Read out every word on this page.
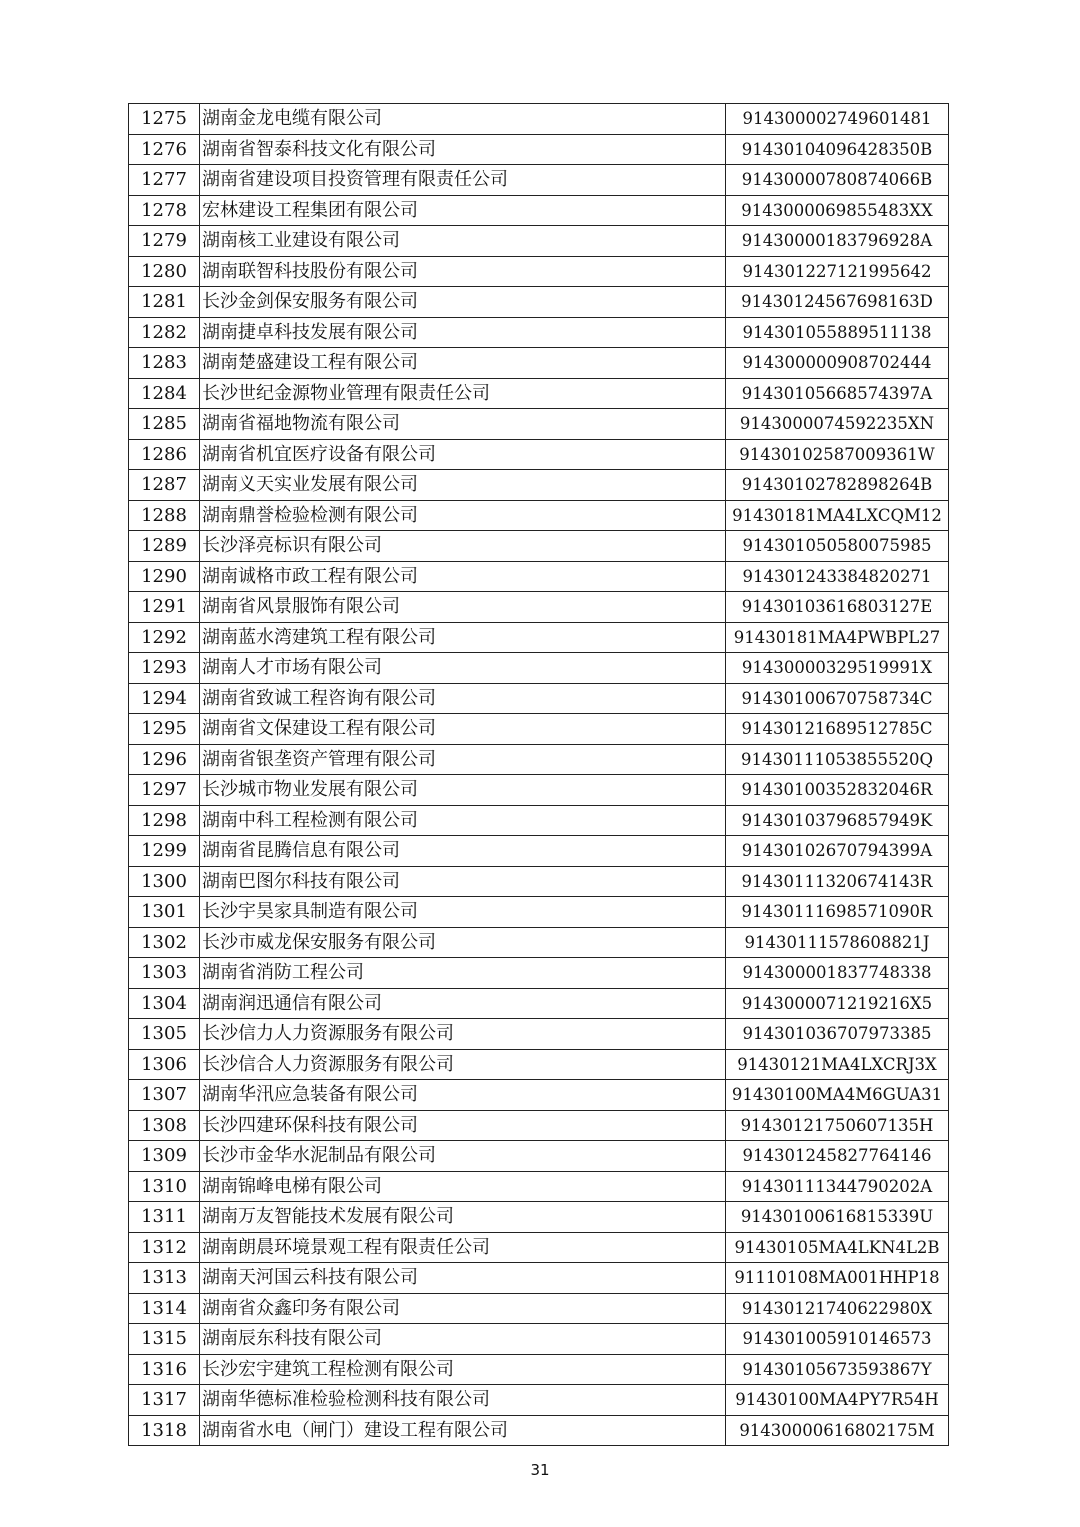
1275	湖南金龙电缆有限公司	914300002749601481
1276	湖南省智泰科技文化有限公司	91430104096428350B
1277	湖南省建设项目投资管理有限责任公司	91430000780874066B
1278	宏林建设工程集团有限公司	9143000069855483XX
1279	湖南核工业建设有限公司	91430000183796928A
1280	湖南联智科技股份有限公司	914301227121995642
1281	长沙金剑保安服务有限公司	91430124567698163D
1282	湖南捷卓科技发展有限公司	914301055889511138
1283	湖南楚盛建设工程有限公司	914300000908702444
1284	长沙世纪金源物业管理有限责任公司	91430105668574397A
1285	湖南省福地物流有限公司	9143000074592235XN
1286	湖南省机宜医疗设备有限公司	91430102587009361W
1287	湖南义天实业发展有限公司	91430102782898264B
1288	湖南鼎誉检验检测有限公司	91430181MA4LXCQM12
1289	长沙泽亮标识有限公司	914301050580075985
1290	湖南诚格市政工程有限公司	914301243384820271
1291	湖南省风景服饰有限公司	91430103616803127E
1292	湖南蓝水湾建筑工程有限公司	91430181MA4PWBPL27
1293	湖南人才市场有限公司	91430000329519991X
1294	湖南省致诚工程咨询有限公司	91430100670758734C
1295	湖南省文保建设工程有限公司	91430121689512785C
1296	湖南省银垄资产管理有限公司	91430111053855520Q
1297	长沙城市物业发展有限公司	91430100352832046R
1298	湖南中科工程检测有限公司	91430103796857949K
1299	湖南省昆腾信息有限公司	91430102670794399A
1300	湖南巴图尔科技有限公司	91430111320674143R
1301	长沙宇昊家具制造有限公司	91430111698571090R
1302	长沙市威龙保安服务有限公司	91430111578608821J
1303	湖南省消防工程公司	914300001837748338
1304	湖南润迅通信有限公司	9143000071219216X5
1305	长沙信力人力资源服务有限公司	914301036707973385
1306	长沙信合人力资源服务有限公司	91430121MA4LXCRJ3X
1307	湖南华汛应急装备有限公司	91430100MA4M6GUA31
1308	长沙四建环保科技有限公司	91430121750607135H
1309	长沙市金华水泥制品有限公司	914301245827764146
1310	湖南锦峰电梯有限公司	91430111344790202A
1311	湖南万友智能技术发展有限公司	91430100616815339U
1312	湖南朗晨环境景观工程有限责任公司	91430105MA4LKN4L2B
1313	湖南天河国云科技有限公司	91110108MA001HHP18
1314	湖南省众鑫印务有限公司	91430121740622980X
1315	湖南辰东科技有限公司	914301005910146573
1316	长沙宏宇建筑工程检测有限公司	91430105673593867Y
1317	湖南华德标准检验检测科技有限公司	91430100MA4PY7R54H
1318	湖南省水电（闸门）建设工程有限公司	91430000616802175M
31
